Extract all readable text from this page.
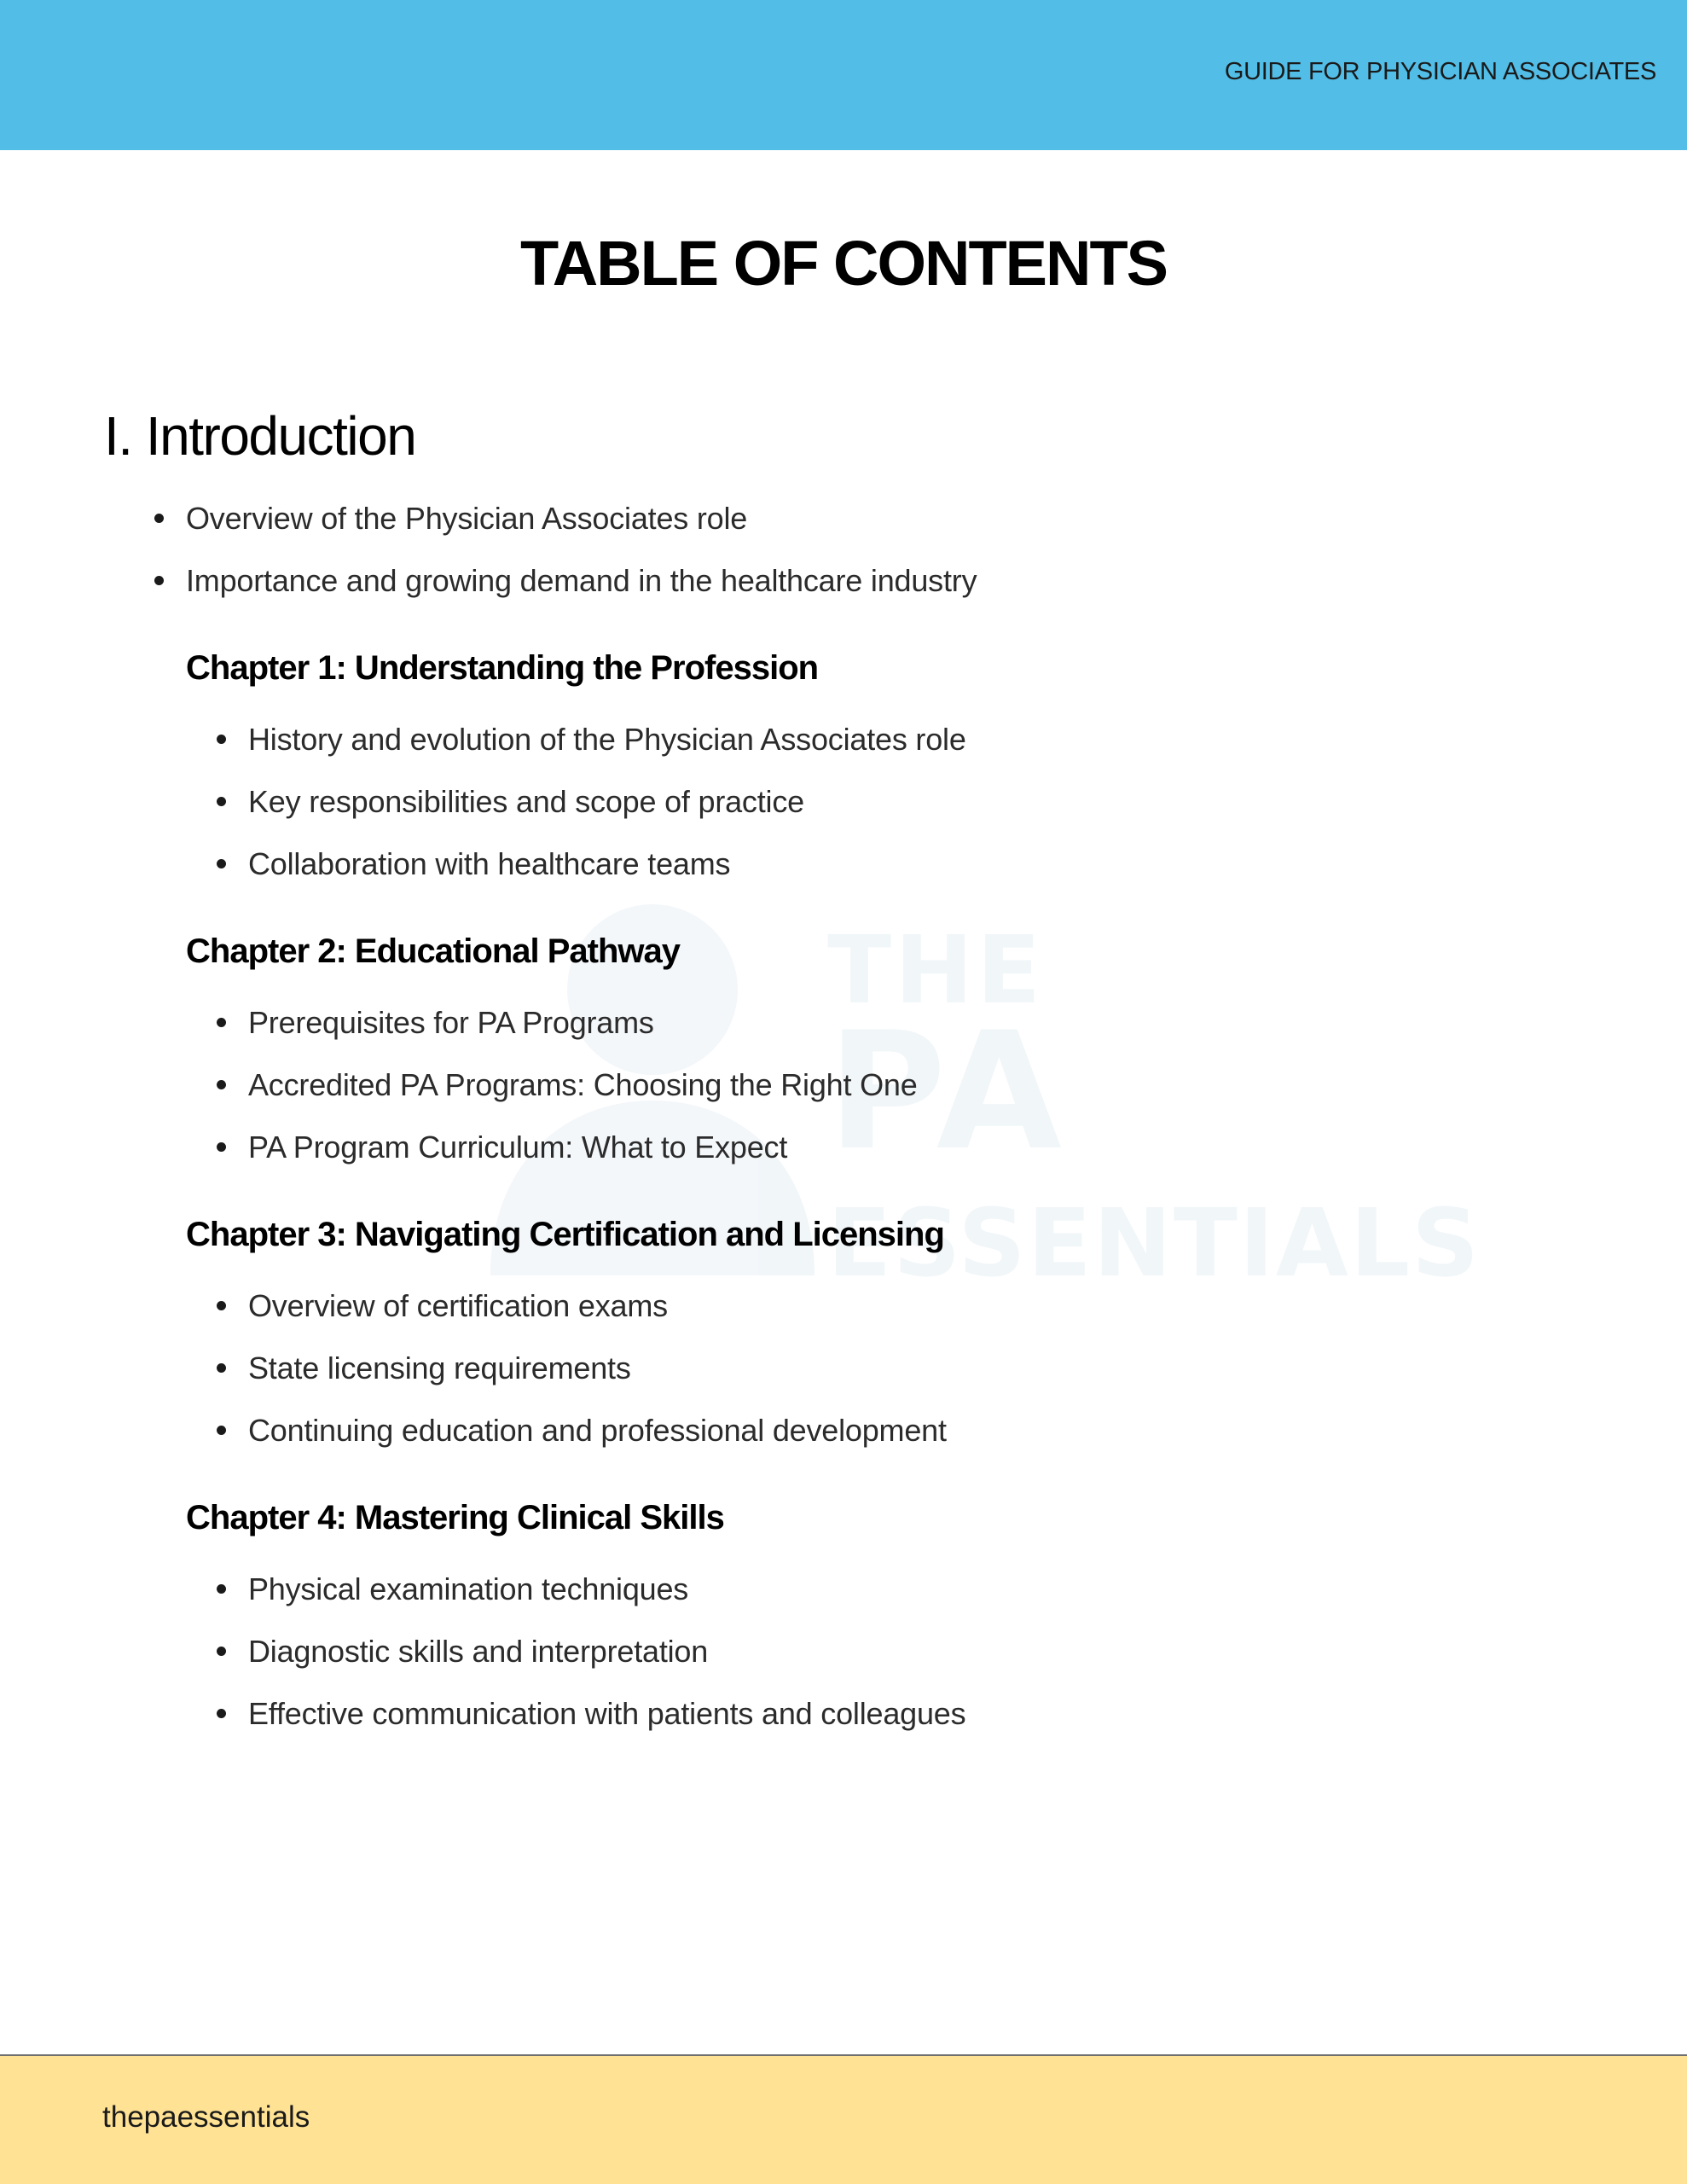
GUIDE FOR PHYSICIAN ASSOCIATES
THE
PA
ESSENTIALS
TABLE OF CONTENTS
I. Introduction
Overview of the Physician Associates role
Importance and growing demand in the healthcare industry
Chapter 1: Understanding the Profession
History and evolution of the Physician Associates role
Key responsibilities and scope of practice
Collaboration with healthcare teams
Chapter 2: Educational Pathway
Prerequisites for PA Programs
Accredited PA Programs: Choosing the Right One
PA Program Curriculum: What to Expect
Chapter 3: Navigating Certification and Licensing
Overview of certification exams
State licensing requirements
Continuing education and professional development
Chapter 4: Mastering Clinical Skills
Physical examination techniques
Diagnostic skills and interpretation
Effective communication with patients and colleagues
thepaessentials
